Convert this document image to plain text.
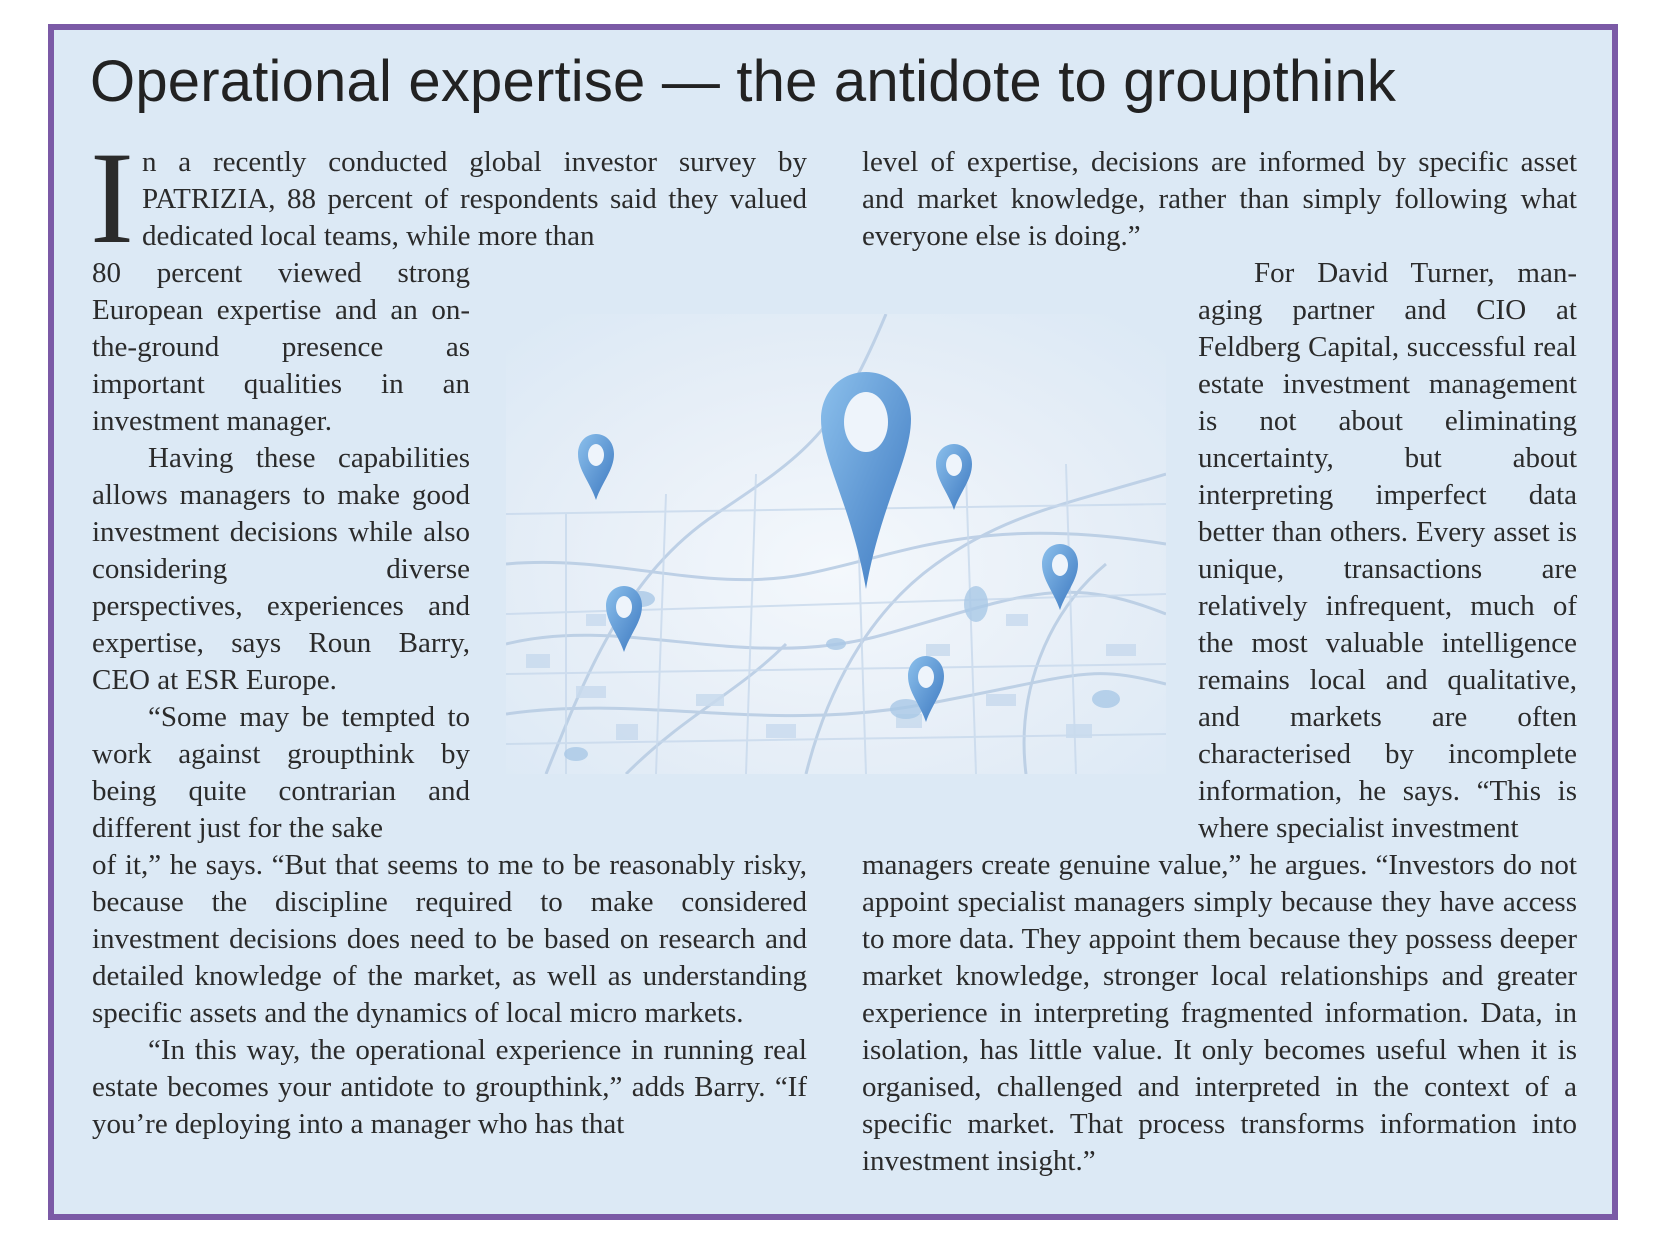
Operational expertise — the antidote to groupthink
In a recently conducted global investor survey by PATRIZIA, 88 percent of respondents said they valued dedicated local teams, while more than

80 percent viewed strong European expertise and an on-the-ground presence as important qualities in an investment manager.

Having these capabilities allows managers to make good investment decisions while also considering diverse perspectives, experiences and expertise, says Roun Barry, CEO at ESR Europe.

“Some may be tempted to work against groupthink by being quite contrarian and different just for the sake

of it,” he says. “But that seems to me to be reasonably risky, because the discipline required to make considered investment decisions does need to be based on research and detailed knowledge of the market, as well as understanding specific assets and the dynamics of local micro markets.

“In this way, the operational experience in running real estate becomes your antidote to groupthink,” adds Barry. “If you’re deploying into a manager who has that

level of expertise, decisions are informed by specific asset and market knowledge, rather than simply following what everyone else is doing.”

For David Turner, managing partner and CIO at Feldberg Capital, successful real estate investment management is not about eliminating uncertainty, but about interpreting imperfect data better than others. Every asset is unique, transactions are relatively infrequent, much of the most valuable intelligence remains local and qualitative, and markets are often characterised by incomplete information, he says. “This is where specialist investment

managers create genuine value,” he argues. “Investors do not appoint specialist managers simply because they have access to more data. They appoint them because they possess deeper market knowledge, stronger local relationships and greater experience in interpreting fragmented information. Data, in isolation, has little value. It only becomes useful when it is organised, challenged and interpreted in the context of a specific market. That process transforms information into investment insight.”
